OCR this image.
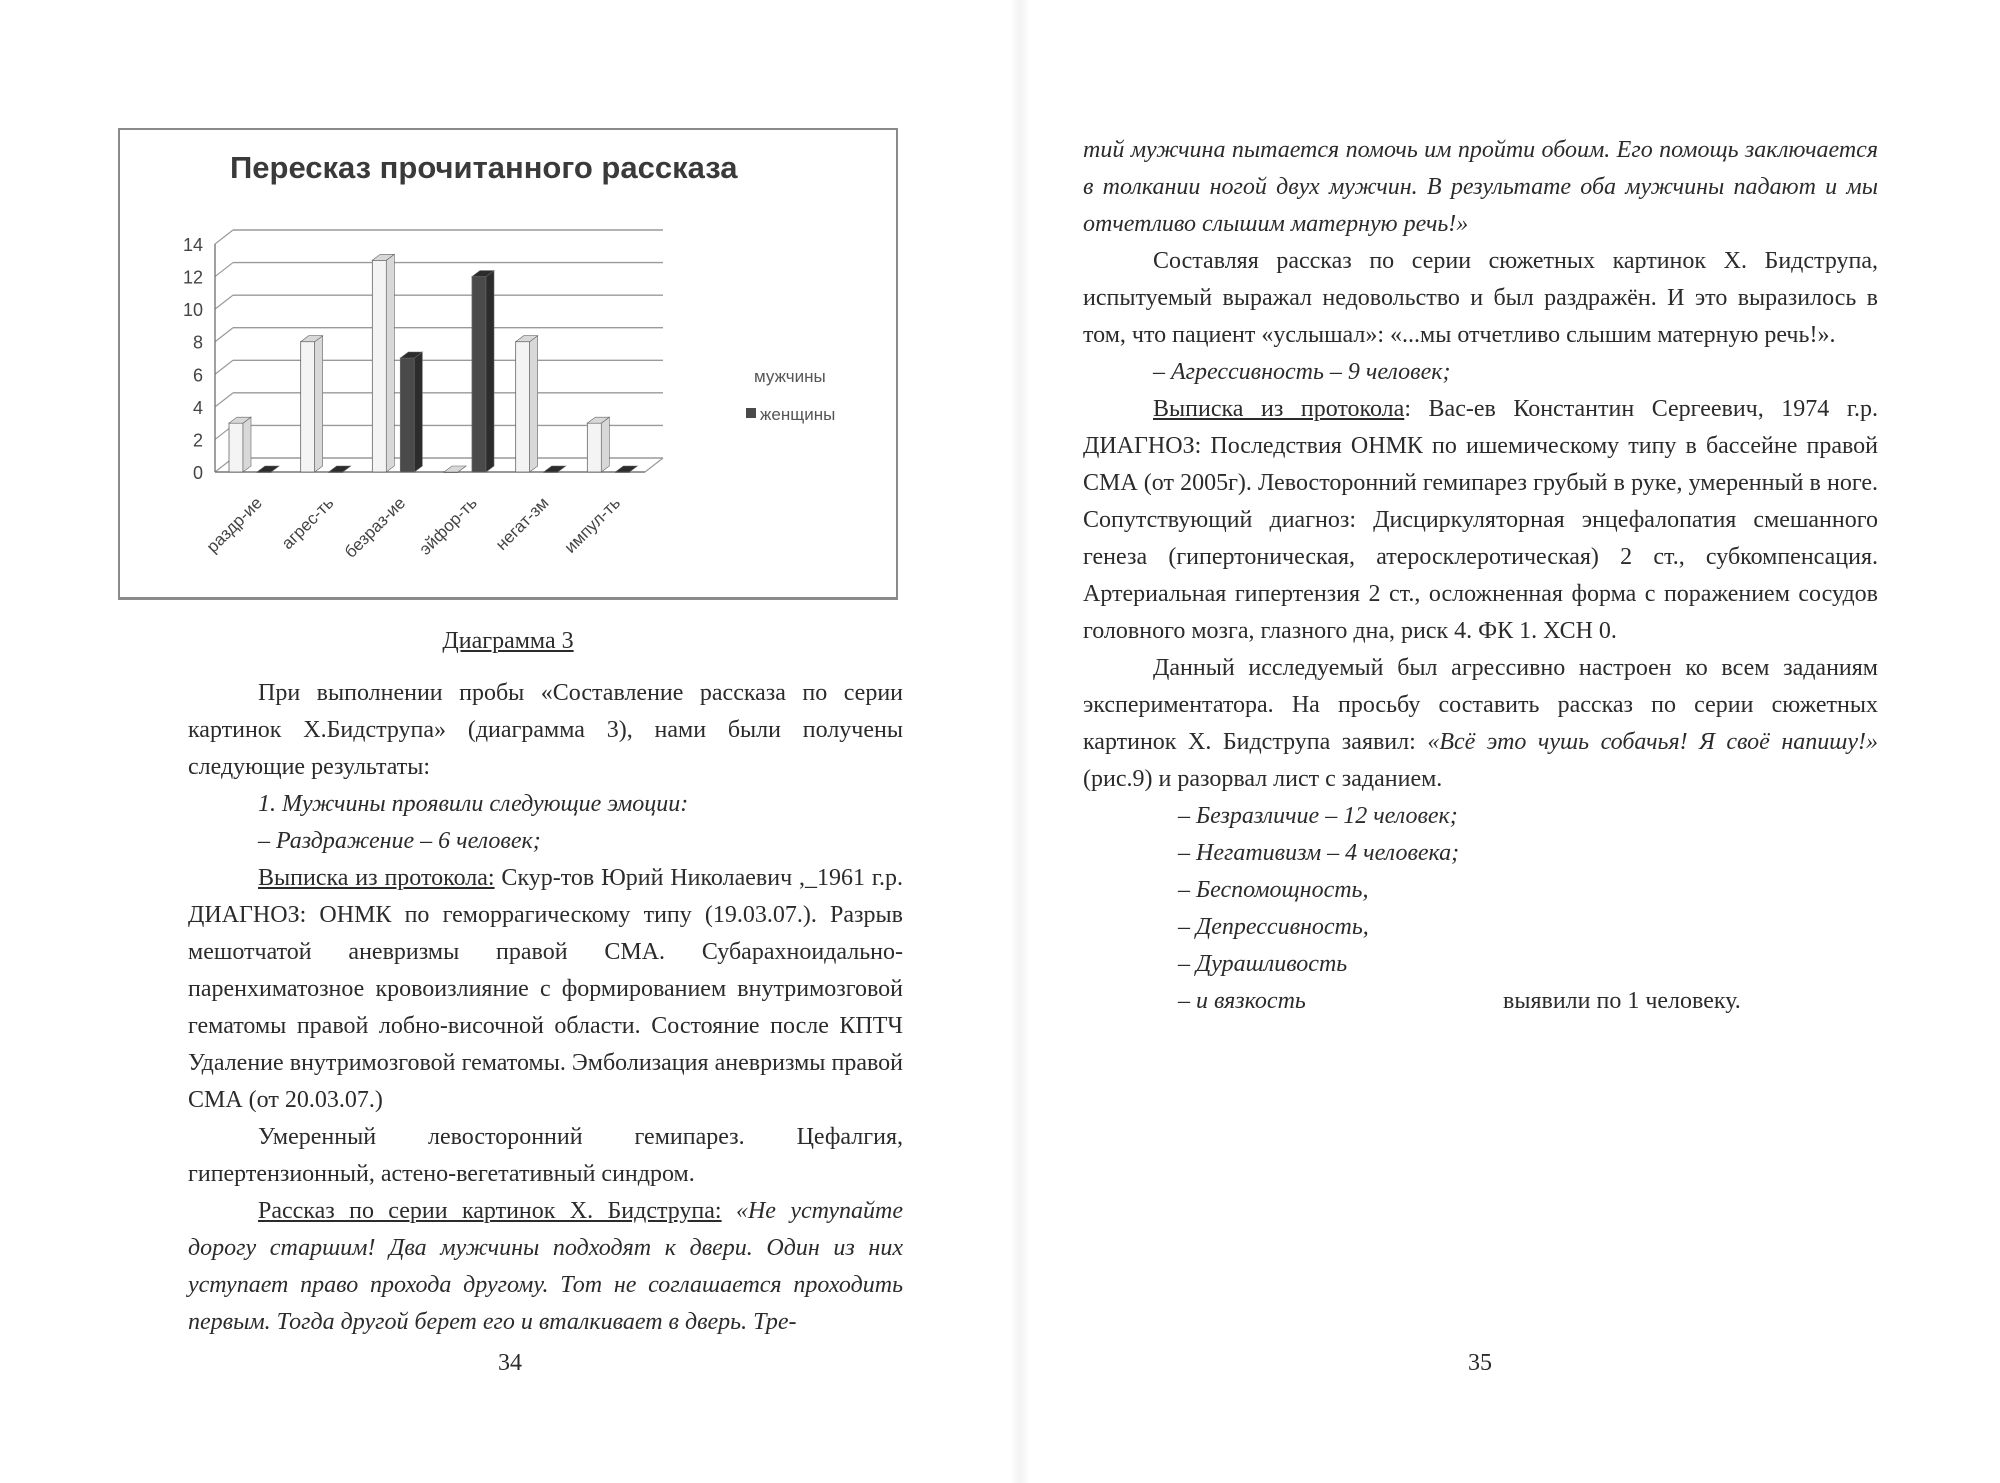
Пересказ прочитанного рассказа
0
2
4
6
8
10
12
14
раздр-ие агрес-ть безраз-ие эйфор-ть негат-зм импул-ть
мужчины
женщины
Диаграмма 3

При выполнении пробы «Составление рассказа по серии картинок Х.Бидструпа» (диаграмма 3), нами были получены следующие результаты:

1. Мужчины проявили следующие эмоции:

– Раздражение – 6 человек;

Выписка из протокола: Скур-тов Юрий Николаевич ,_1961 г.р. ДИАГНОЗ: ОНМК по геморрагическому типу (19.03.07.). Разрыв мешотчатой аневризмы правой СМА. Субарахноидально-паренхиматозное кровоизлияние с формированием внутримозговой гематомы правой лобно-височной области. Состояние после КПТЧ Удаление внутримозговой гематомы. Эмболизация аневризмы правой СМА (от 20.03.07.)

Умеренный левосторонний гемипарез. Цефалгия, гипертензионный, астено-вегетативный синдром.

Рассказ по серии картинок Х. Бидструпа: «Не уступайте дорогу старшим! Два мужчины подходят к двери. Один из них уступает право прохода другому. Тот не соглашается проходить первым. Тогда другой берет его и вталкивает в дверь. Тре-

34

тий мужчина пытается помочь им пройти обоим. Его помощь заключается в толкании ногой двух мужчин. В результате оба мужчины падают и мы отчетливо слышим матерную речь!»

Составляя рассказ по серии сюжетных картинок Х. Бидструпа, испытуемый выражал недовольство и был раздражён. И это выразилось в том, что пациент «услышал»: «...мы отчетливо слышим матерную речь!».

– Агрессивность – 9 человек;

Выписка из протокола: Вас-ев Константин Сергеевич, 1974 г.р. ДИАГНОЗ: Последствия ОНМК по ишемическому типу в бассейне правой СМА (от 2005г). Левосторонний гемипарез грубый в руке, умеренный в ноге. Сопутствующий диагноз: Дисциркуляторная энцефалопатия смешанного генеза (гипертоническая, атеросклеротическая) 2 ст., субкомпенсация. Артериальная гипертензия 2 ст., осложненная форма с поражением сосудов головного мозга, глазного дна, риск 4. ФК 1. ХСН 0.

Данный исследуемый был агрессивно настроен ко всем заданиям экспериментатора. На просьбу составить рассказ по серии сюжетных картинок Х. Бидструпа заявил: «Всё это чушь собачья! Я своё напишу!» (рис.9) и разорвал лист с заданием.

– Безразличие – 12 человек;

– Негативизм – 4 человека;

– Беспомощность,

– Депрессивность,

– Дурашливость

– и вязкость	выявили по 1 человеку.

35
